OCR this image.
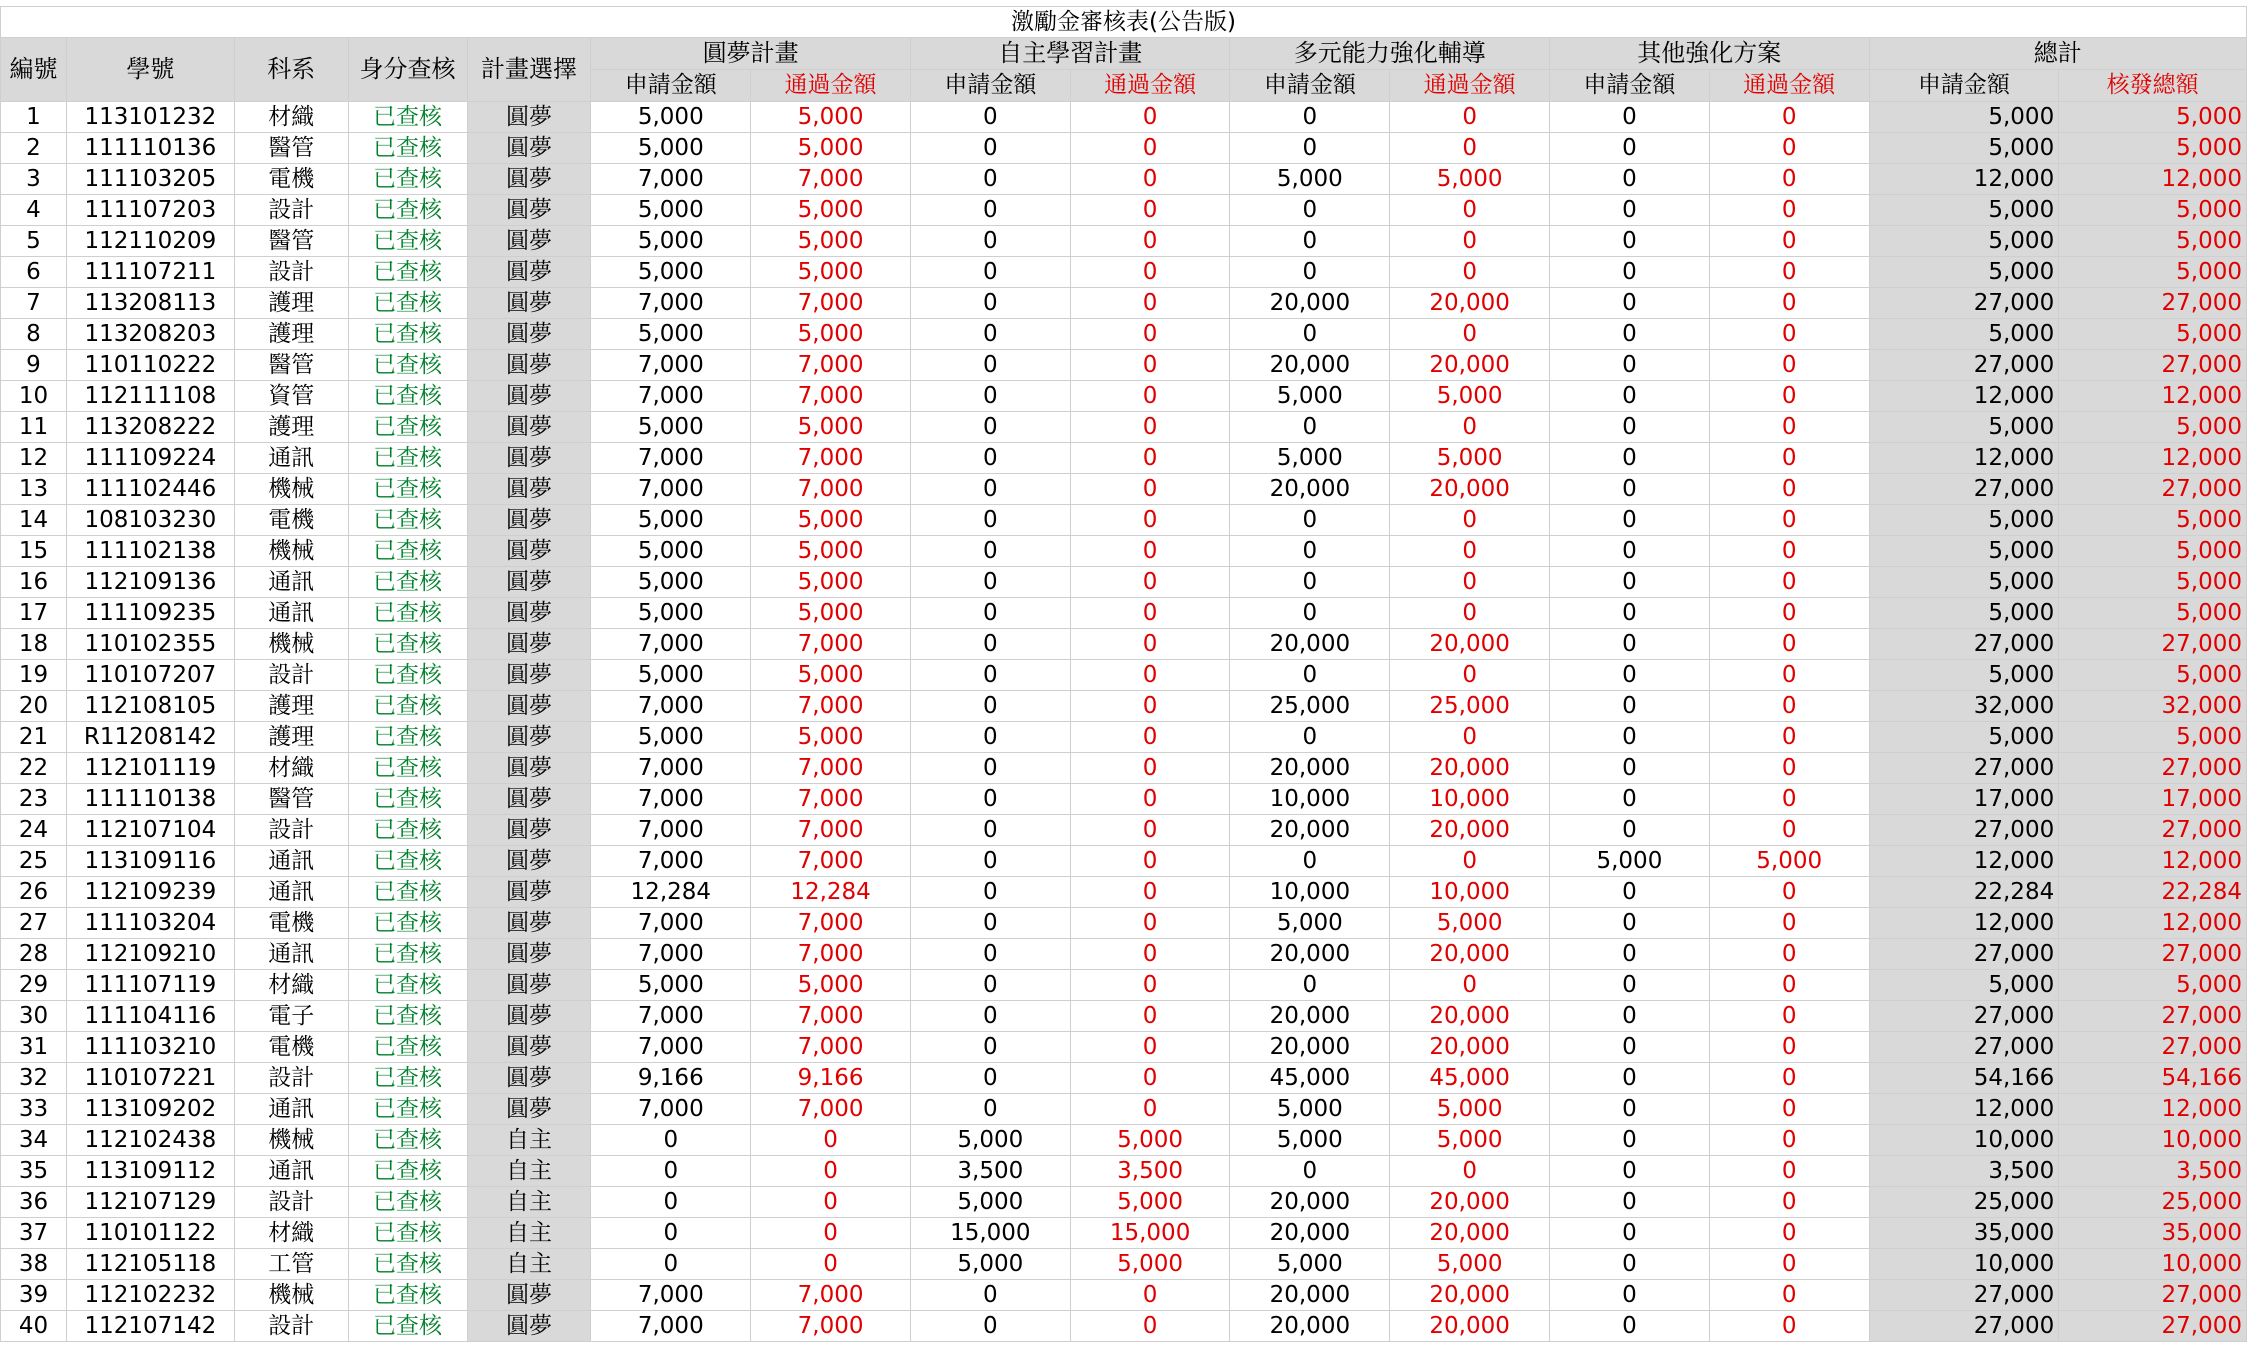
激勵金審核表(公告版)														
編號	學號	科系	身分查核	計畫選擇	圓夢計畫		自主學習計畫		多元能力強化輔導		其他強化方案		總計	
					申請金額	通過金額	申請金額	通過金額	申請金額	通過金額	申請金額	通過金額	申請金額	核發總額
1	113101232	材織	已查核	圓夢	5,000	5,000	0	0	0	0	0	0	5,000	5,000
2	111110136	醫管	已查核	圓夢	5,000	5,000	0	0	0	0	0	0	5,000	5,000
3	111103205	電機	已查核	圓夢	7,000	7,000	0	0	5,000	5,000	0	0	12,000	12,000
4	111107203	設計	已查核	圓夢	5,000	5,000	0	0	0	0	0	0	5,000	5,000
5	112110209	醫管	已查核	圓夢	5,000	5,000	0	0	0	0	0	0	5,000	5,000
6	111107211	設計	已查核	圓夢	5,000	5,000	0	0	0	0	0	0	5,000	5,000
7	113208113	護理	已查核	圓夢	7,000	7,000	0	0	20,000	20,000	0	0	27,000	27,000
8	113208203	護理	已查核	圓夢	5,000	5,000	0	0	0	0	0	0	5,000	5,000
9	110110222	醫管	已查核	圓夢	7,000	7,000	0	0	20,000	20,000	0	0	27,000	27,000
10	112111108	資管	已查核	圓夢	7,000	7,000	0	0	5,000	5,000	0	0	12,000	12,000
11	113208222	護理	已查核	圓夢	5,000	5,000	0	0	0	0	0	0	5,000	5,000
12	111109224	通訊	已查核	圓夢	7,000	7,000	0	0	5,000	5,000	0	0	12,000	12,000
13	111102446	機械	已查核	圓夢	7,000	7,000	0	0	20,000	20,000	0	0	27,000	27,000
14	108103230	電機	已查核	圓夢	5,000	5,000	0	0	0	0	0	0	5,000	5,000
15	111102138	機械	已查核	圓夢	5,000	5,000	0	0	0	0	0	0	5,000	5,000
16	112109136	通訊	已查核	圓夢	5,000	5,000	0	0	0	0	0	0	5,000	5,000
17	111109235	通訊	已查核	圓夢	5,000	5,000	0	0	0	0	0	0	5,000	5,000
18	110102355	機械	已查核	圓夢	7,000	7,000	0	0	20,000	20,000	0	0	27,000	27,000
19	110107207	設計	已查核	圓夢	5,000	5,000	0	0	0	0	0	0	5,000	5,000
20	112108105	護理	已查核	圓夢	7,000	7,000	0	0	25,000	25,000	0	0	32,000	32,000
21	R11208142	護理	已查核	圓夢	5,000	5,000	0	0	0	0	0	0	5,000	5,000
22	112101119	材織	已查核	圓夢	7,000	7,000	0	0	20,000	20,000	0	0	27,000	27,000
23	111110138	醫管	已查核	圓夢	7,000	7,000	0	0	10,000	10,000	0	0	17,000	17,000
24	112107104	設計	已查核	圓夢	7,000	7,000	0	0	20,000	20,000	0	0	27,000	27,000
25	113109116	通訊	已查核	圓夢	7,000	7,000	0	0	0	0	5,000	5,000	12,000	12,000
26	112109239	通訊	已查核	圓夢	12,284	12,284	0	0	10,000	10,000	0	0	22,284	22,284
27	111103204	電機	已查核	圓夢	7,000	7,000	0	0	5,000	5,000	0	0	12,000	12,000
28	112109210	通訊	已查核	圓夢	7,000	7,000	0	0	20,000	20,000	0	0	27,000	27,000
29	111107119	材織	已查核	圓夢	5,000	5,000	0	0	0	0	0	0	5,000	5,000
30	111104116	電子	已查核	圓夢	7,000	7,000	0	0	20,000	20,000	0	0	27,000	27,000
31	111103210	電機	已查核	圓夢	7,000	7,000	0	0	20,000	20,000	0	0	27,000	27,000
32	110107221	設計	已查核	圓夢	9,166	9,166	0	0	45,000	45,000	0	0	54,166	54,166
33	113109202	通訊	已查核	圓夢	7,000	7,000	0	0	5,000	5,000	0	0	12,000	12,000
34	112102438	機械	已查核	自主	0	0	5,000	5,000	5,000	5,000	0	0	10,000	10,000
35	113109112	通訊	已查核	自主	0	0	3,500	3,500	0	0	0	0	3,500	3,500
36	112107129	設計	已查核	自主	0	0	5,000	5,000	20,000	20,000	0	0	25,000	25,000
37	110101122	材織	已查核	自主	0	0	15,000	15,000	20,000	20,000	0	0	35,000	35,000
38	112105118	工管	已查核	自主	0	0	5,000	5,000	5,000	5,000	0	0	10,000	10,000
39	112102232	機械	已查核	圓夢	7,000	7,000	0	0	20,000	20,000	0	0	27,000	27,000
40	112107142	設計	已查核	圓夢	7,000	7,000	0	0	20,000	20,000	0	0	27,000	27,000
